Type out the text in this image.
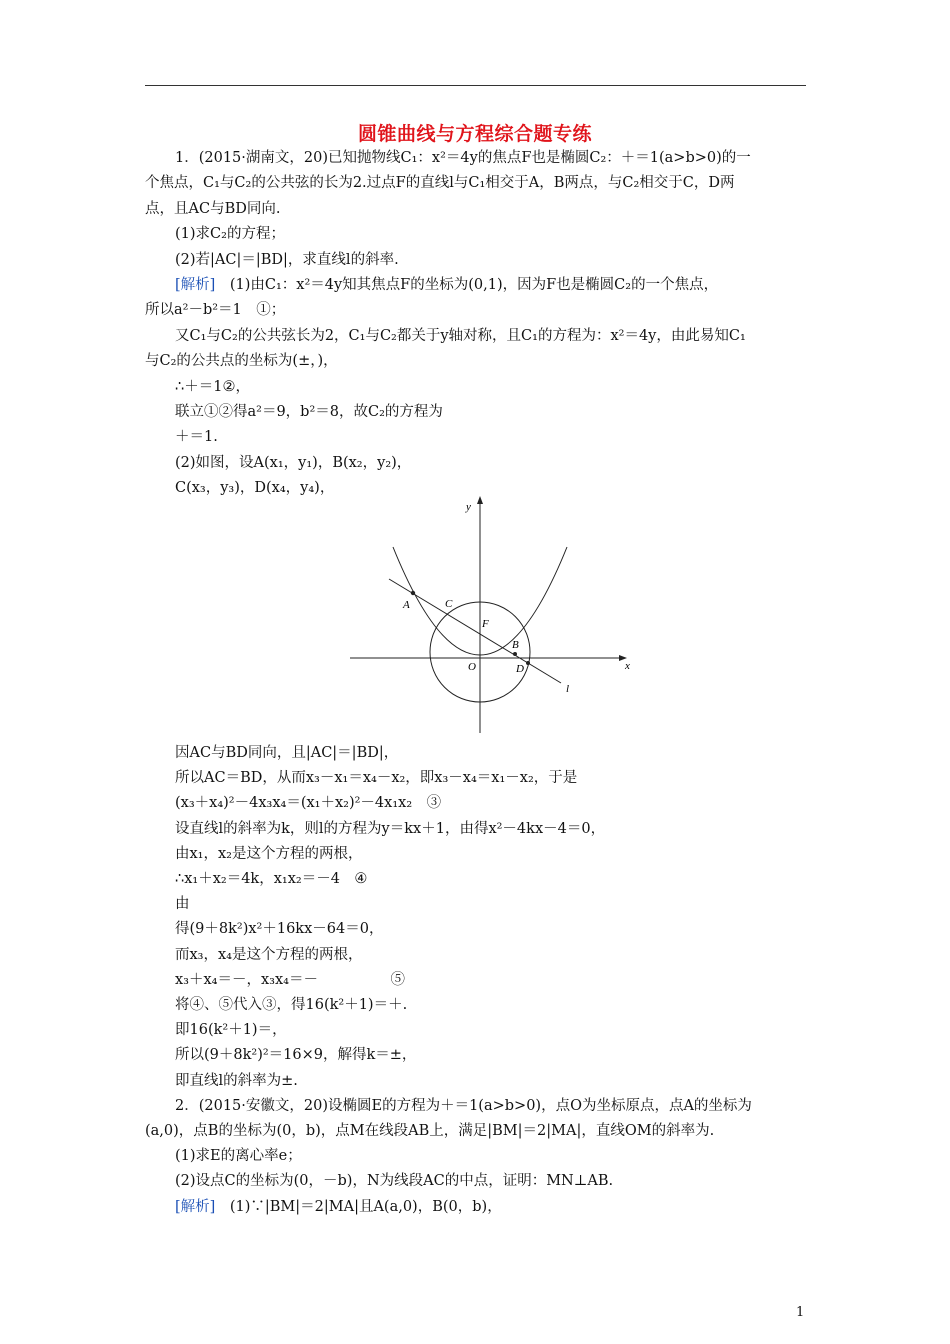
圆锥曲线与方程综合题专练
1．(2015·湖南文，20)已知抛物线C₁：x²＝4y的焦点F也是椭圆C₂：＋＝1(a>b>0)的一
个焦点，C₁与C₂的公共弦的长为2.过点F的直线l与C₁相交于A，B两点，与C₂相交于C，D两
点，且AC与BD同向.
(1)求C₂的方程；
(2)若|AC|＝|BD|，求直线l的斜率.
[解析]　(1)由C₁：x²＝4y知其焦点F的坐标为(0,1)，因为F也是椭圆C₂的一个焦点，
所以a²－b²＝1　①；
又C₁与C₂的公共弦长为2，C₁与C₂都关于y轴对称，且C₁的方程为：x²＝4y，由此易知C₁
与C₂的公共点的坐标为(±，)，
∴＋＝1②，
联立①②得a²＝9，b²＝8，故C₂的方程为
＋＝1.
(2)如图，设A(x₁，y₁)，B(x₂，y₂)，
C(x₃，y₃)，D(x₄，y₄)，
因AC与BD同向，且|AC|＝|BD|，
所以AC＝BD，从而x₃－x₁＝x₄－x₂，即x₃－x₄＝x₁－x₂，于是
(x₃＋x₄)²－4x₃x₄＝(x₁＋x₂)²－4x₁x₂　③
设直线l的斜率为k，则l的方程为y＝kx＋1，由得x²－4kx－4＝0，
由x₁，x₂是这个方程的两根，
∴x₁＋x₂＝4k，x₁x₂＝－4　④
由
得(9＋8k²)x²＋16kx－64＝0，
而x₃，x₄是这个方程的两根，
x₃＋x₄＝－，x₃x₄＝－　　　　　⑤
将④、⑤代入③，得16(k²＋1)＝＋.
即16(k²＋1)＝，
所以(9＋8k²)²＝16×9，解得k＝±，
即直线l的斜率为±.
2．(2015·安徽文，20)设椭圆E的方程为＋＝1(a>b>0)，点O为坐标原点，点A的坐标为
(a,0)，点B的坐标为(0，b)，点M在线段AB上，满足|BM|＝2|MA|，直线OM的斜率为.
(1)求E的离心率e；
(2)设点C的坐标为(0，－b)，N为线段AC的中点，证明：MN⊥AB.
[解析]　(1)∵|BM|＝2|MA|且A(a,0)，B(0，b)，
y
x
A	C
F
B
O	D
l
1
